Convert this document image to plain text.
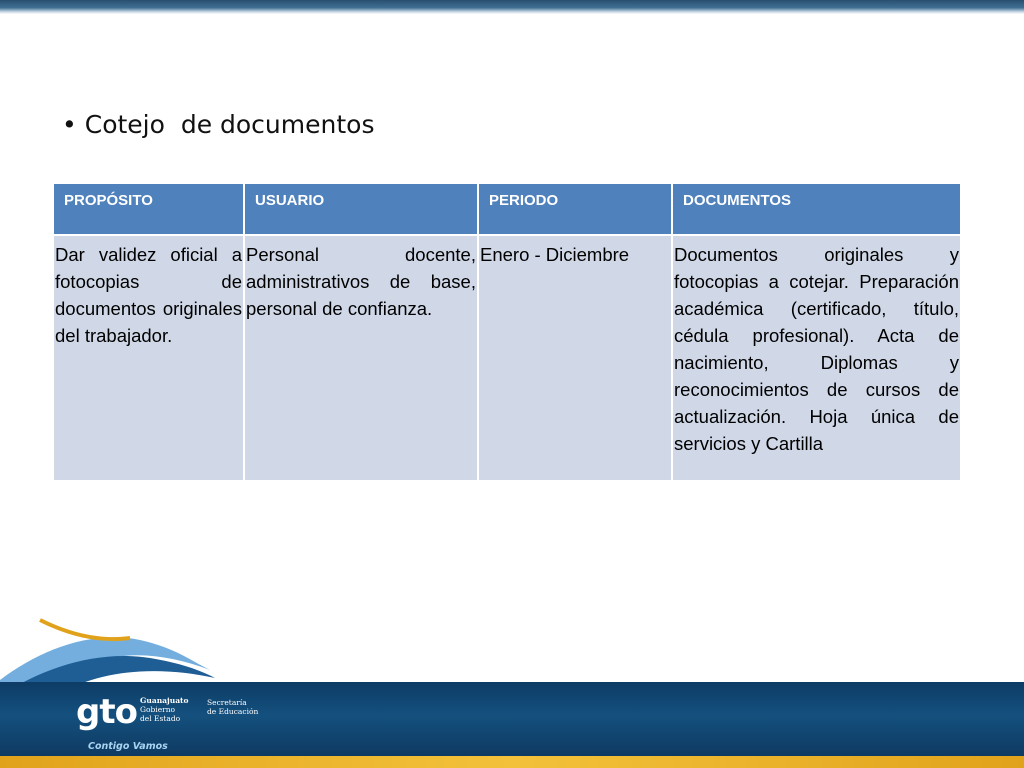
• Cotejo  de documentos
PROPÓSITO	USUARIO	PERIODO	DOCUMENTOS
Dar validez oficial a fotocopias de documentos originales del trabajador.	Personal docente, administrativos de base, personal de confianza.	Enero - Diciembre	Documentos originales y fotocopias a cotejar. Preparación académica (certificado, título, cédula profesional). Acta de nacimiento, Diplomas y reconocimientos de cursos de actualización. Hoja única de servicios y Cartilla
gto Guanajuato
Gobierno
del Estado
Secretaría
de Educación
Contigo Vamos
